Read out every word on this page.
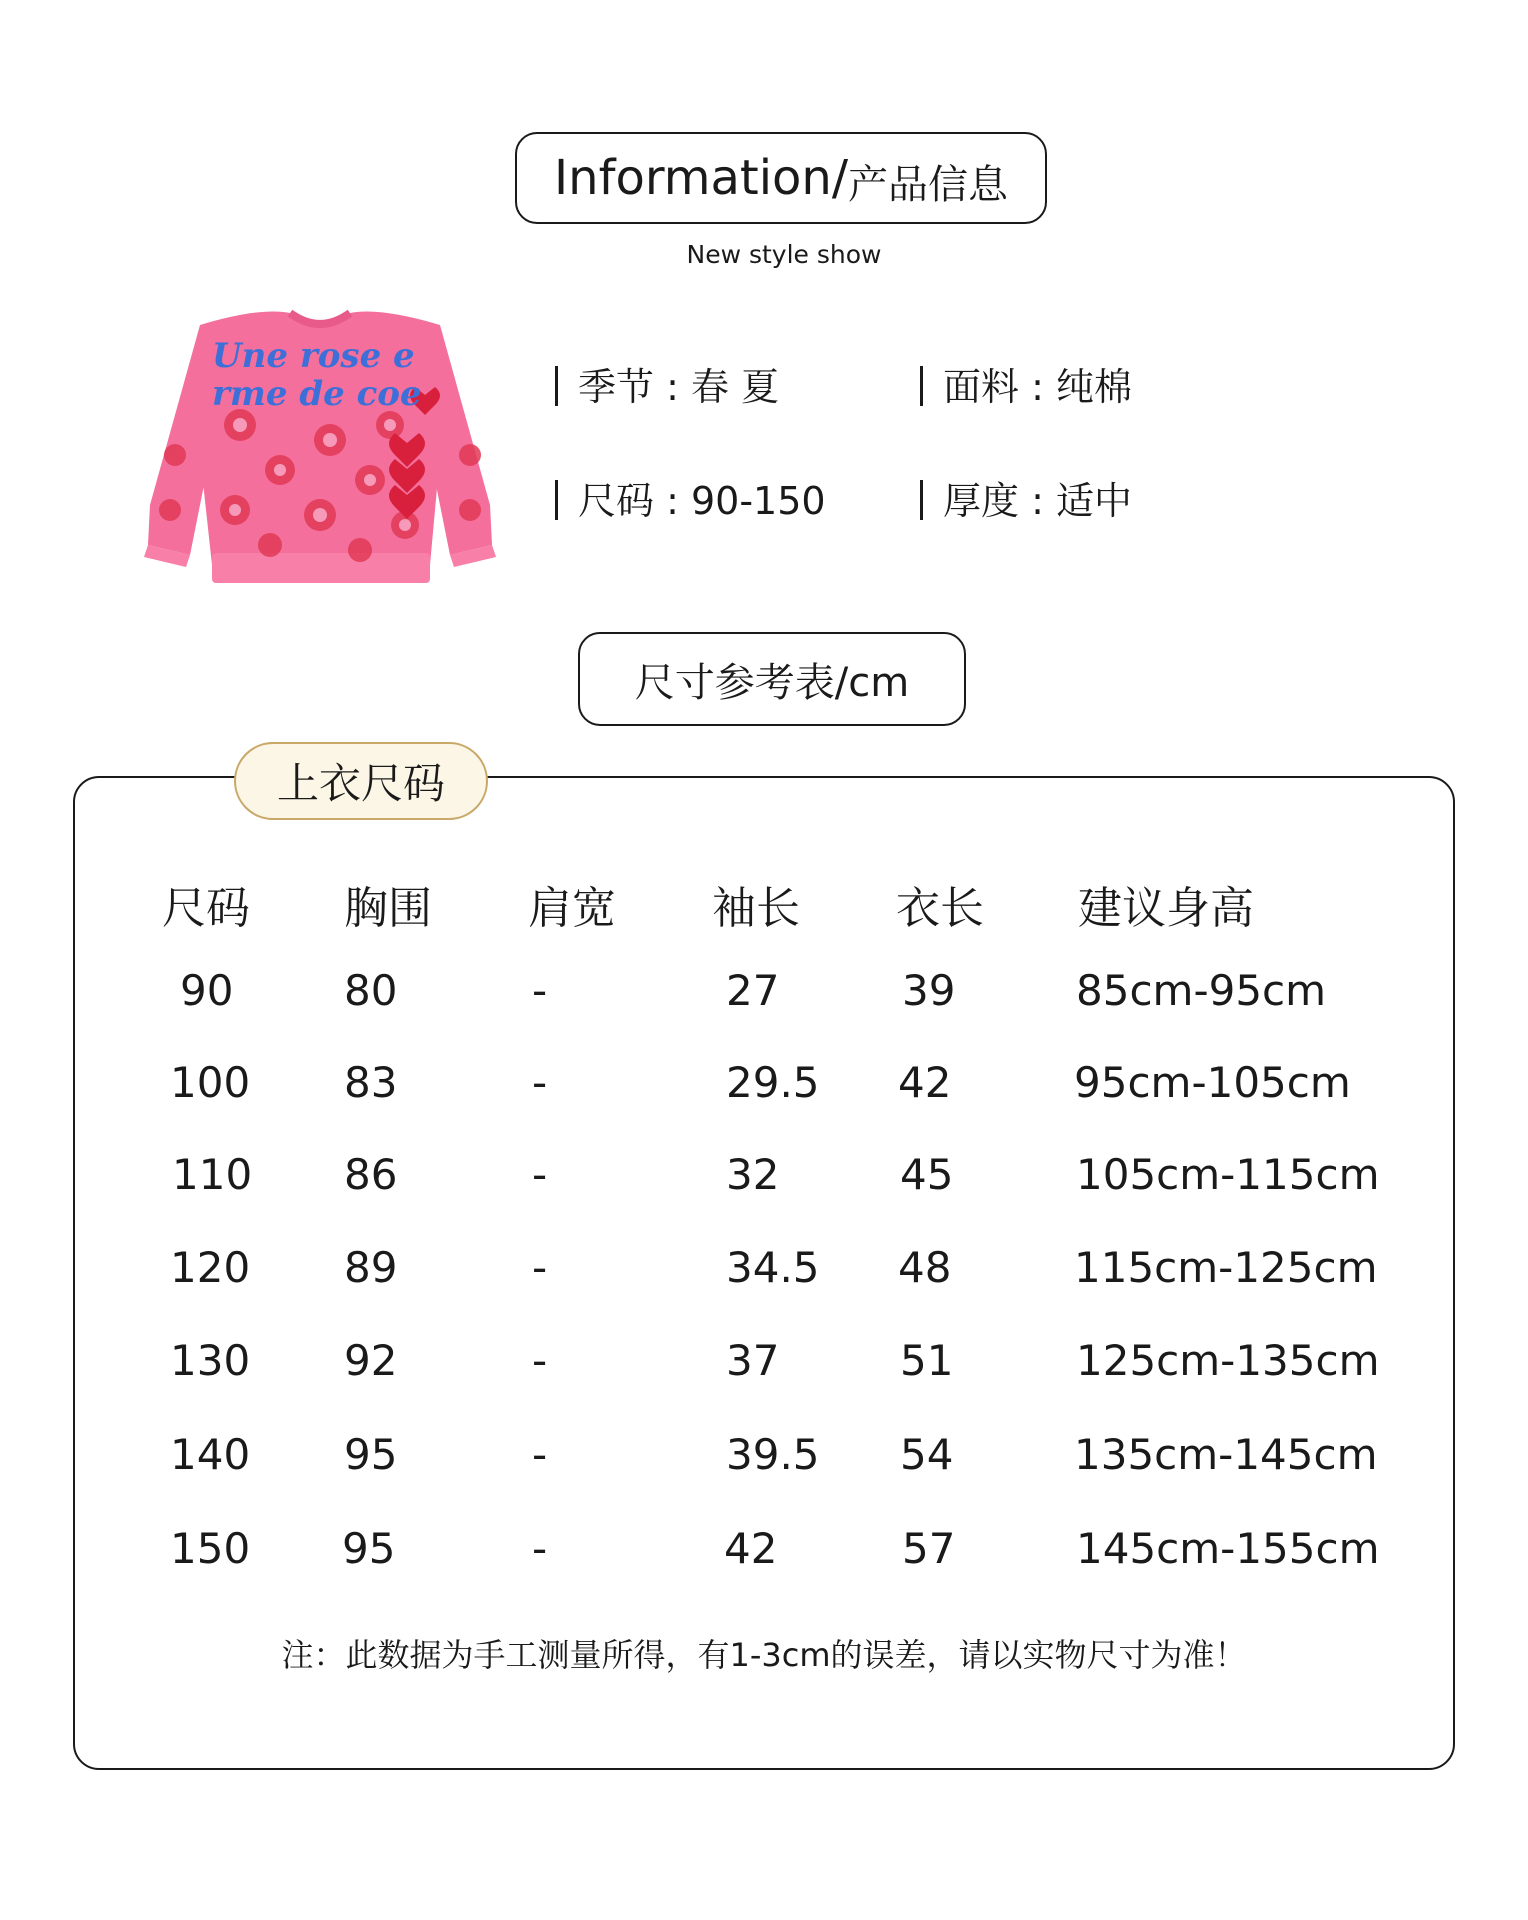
Information/ 产品信息
New style show
Une rose e
rme de coe	季节 : 春 夏	面料 : 纯棉
尺码 : 90-150	厚度 : 适中
尺寸参考表/cm
上衣尺码
尺码 胸围 肩宽 袖长 衣长 建议身高
90	80	-	27	39	85cm-95cm
100 83	-	29.5 42	95cm-105cm
110 86	-	32	45	105cm-115cm
120 89	-	34.5 48	115cm-125cm
130 92	-	37	51	125cm-135cm
140 95	-	39.5 54	135cm-145cm
150 95	-	42	57	145cm-155cm
注：此数据为手工测量所得，有1-3cm的误差，请以实物尺寸为准！
